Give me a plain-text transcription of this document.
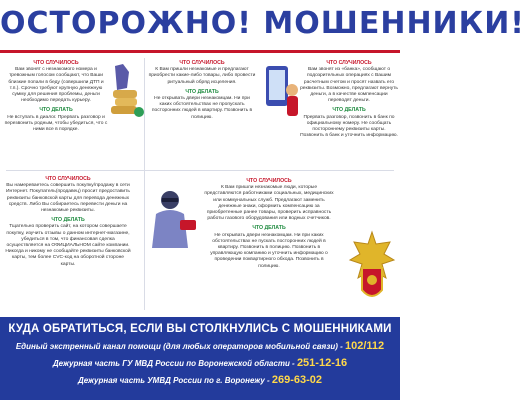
ОСТОРОЖНО! МОШЕННИКИ!
ЧТО СЛУЧИЛОСЬ
Вам звонят с незнакомого номера и тревожным голосом сообщают, что Ваши близкие попали в беду (совершили ДТП и т.п.). Срочно требуют крупную денежную сумму для решения проблемы, деньги необходимо передать курьеру.
ЧТО ДЕЛАТЬ
Не вступать в диалог. Прервать разговор и перезвонить родным, чтобы убедиться, что с ними все в порядке.
ЧТО СЛУЧИЛОСЬ
К Вам пришли незнакомые и предлагают приобрести какие-либо товары, либо провести ритуальный обряд исцеления.
ЧТО ДЕЛАТЬ
Не открывать двери незнакомцам. Ни при каких обстоятельствах не пропускать посторонних людей в квартиру. Позвонить в полицию.
ЧТО СЛУЧИЛОСЬ
Вам звонят из «банка», сообщают о подозрительных операциях с Вашим расчетным счетом и просят назвать его реквизиты. Возможно, предлагают вернуть деньги, а в качестве компенсации переводят деньги.
ЧТО ДЕЛАТЬ
Прервать разговор, позвонить в банк по официальному номеру. Не сообщать постороннему реквизиты карты. Позвонить в банк и уточнить информацию.
ЧТО СЛУЧИЛОСЬ
Вы намереваетесь совершить покупку/продажу в сети Интернет. Покупатель(продавец) просит предоставить реквизиты банковской карты для перевода денежных средств. Либо Вы собираетесь перевести деньги на незнакомые реквизиты.
ЧТО ДЕЛАТЬ
Тщательно проверить сайт, на котором совершаете покупку, изучить отзывы о данном интернет-магазине, убедиться в том, что финансовая сделка осуществляется на ОФИЦИАЛЬНОМ сайте компании. Никогда и никому не сообщайте реквизиты банковской карты, тем более CVC-код на оборотной стороне карты.
ЧТО СЛУЧИЛОСЬ
К Вам пришли незнакомые люди, которые представляются работниками социальных, медицинских или коммунальных служб. Предлагают заменить денежные знаки, оформить компенсацию за приобретенные ранее товары, проверить исправность работы газового оборудования или водных счетчиков.
ЧТО ДЕЛАТЬ
Не открывать двери незнакомцам. Ни при каких обстоятельствах не пускать посторонних людей в квартиру. Позвонить в полицию. Позвонить в управляющую компанию и уточнить информацию о проведении поквартирного обхода. Позвонить в полицию.
КУДА ОБРАТИТЬСЯ, ЕСЛИ ВЫ СТОЛКНУЛИСЬ С МОШЕННИКАМИ
Единый экстренный канал помощи (для любых операторов мобильной связи) - 102/112
Дежурная часть ГУ МВД России по Воронежской области - 251-12-16
Дежурная часть УМВД России по г. Воронежу - 269-63-02
